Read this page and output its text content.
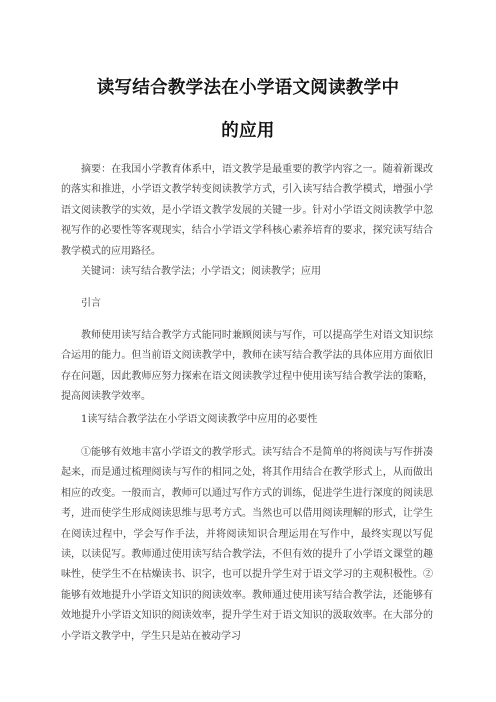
读写结合教学法在小学语文阅读教学中
的应用

摘要：在我国小学教育体系中，语文教学是最重要的教学内容之一。随着新课改的落实和推进，小学语文教学转变阅读教学方式，引入读写结合教学模式，增强小学语文阅读教学的实效，是小学语文教学发展的关键一步。针对小学语文阅读教学中忽视写作的必要性等客观现实，结合小学语文学科核心素养培育的要求，探究读写结合教学模式的应用路径。

关键词：读写结合教学法；小学语文；阅读教学；应用

引言

教师使用读写结合教学方式能同时兼顾阅读与写作，可以提高学生对语文知识综合运用的能力。但当前语文阅读教学中，教师在读写结合教学法的具体应用方面依旧存在问题，因此教师应努力探索在语文阅读教学过程中使用读写结合教学法的策略，提高阅读教学效率。

1读写结合教学法在小学语文阅读教学中应用的必要性

①能够有效地丰富小学语文的教学形式。读写结合不是简单的将阅读与写作拼凑起来，而是通过梳理阅读与写作的相同之处，将其作用结合在教学形式上，从而做出相应的改变。一般而言，教师可以通过写作方式的训练，促进学生进行深度的阅读思考，进而使学生形成阅读思维与思考方式。当然也可以借用阅读理解的形式，让学生在阅读过程中，学会写作手法，并将阅读知识合理运用在写作中，最终实现以写促读，以读促写。教师通过使用读写结合教学法，不但有效的提升了小学语文课堂的趣味性，使学生不在枯燥读书、识字，也可以提升学生对于语文学习的主观积极性。②能够有效地提升小学语文知识的阅读效率。教师通过使用读写结合教学法，还能够有效地提升小学语文知识的阅读效率，提升学生对于语文知识的汲取效率。在大部分的小学语文教学中，学生只是站在被动学习
